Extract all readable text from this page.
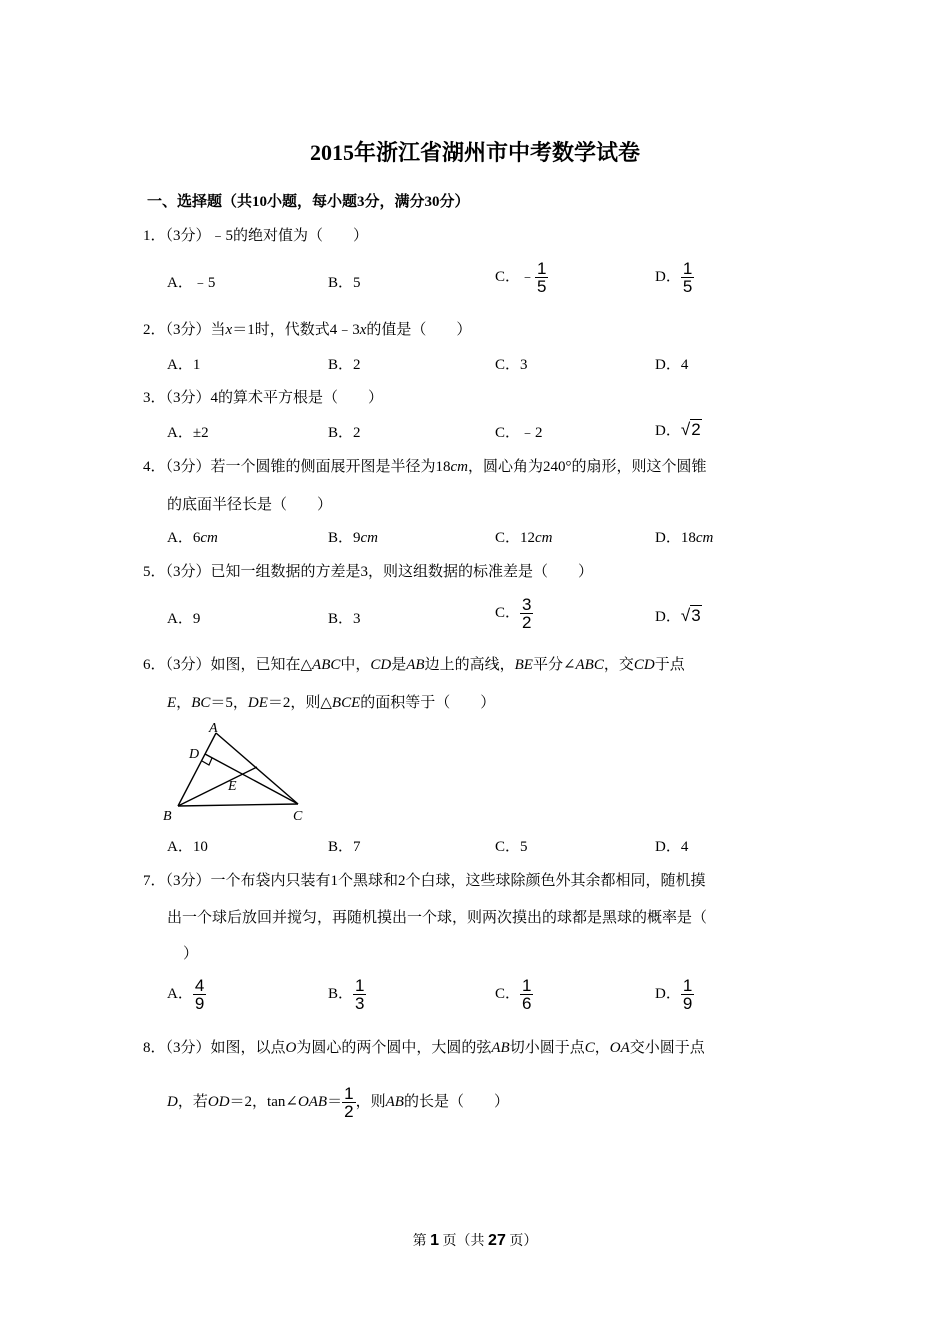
2015年浙江省湖州市中考数学试卷
一、选择题（共10小题，每小题3分，满分30分）
1．（3分）﹣5的绝对值为（　　）
A．﹣5	B．5	C．﹣ $\frac{1}{5}$	D． $\frac{1}{5}$
2．（3分）当x＝1时，代数式4﹣3x的值是（　　）
A．1	B．2	C．3	D．4
3．（3分）4的算术平方根是（　　）
A．±2	B．2	C．﹣2	D．√2
4．（3分）若一个圆锥的侧面展开图是半径为18cm，圆心角为240°的扇形，则这个圆锥
的底面半径长是（　　）
A．6cm	B．9cm	C．12cm	D．18cm
5．（3分）已知一组数据的方差是3，则这组数据的标准差是（　　）
A．9	B．3	C． $\frac{3}{2}$	D．√3
6．（3分）如图，已知在△ABC中，CD是AB边上的高线，BE平分∠ABC，交CD于点
E，BC＝5，DE＝2，则△BCE的面积等于（　　）
A
B	C
D
E
A．10	B．7	C．5	D．4
7．（3分）一个布袋内只装有1个黑球和2个白球，这些球除颜色外其余都相同，随机摸
出一个球后放回并搅匀，再随机摸出一个球，则两次摸出的球都是黑球的概率是（
）
A． $\frac{4}{9}$	B． $\frac{1}{3}$	C． $\frac{1}{6}$	D． $\frac{1}{9}$
8．（3分）如图，以点O为圆心的两个圆中，大圆的弦AB切小圆于点C，OA交小圆于点
D，若OD＝2，tan∠OAB＝ $\frac{1}{2}$ ，则AB的长是（　　）
第 1 页（共 27 页）
